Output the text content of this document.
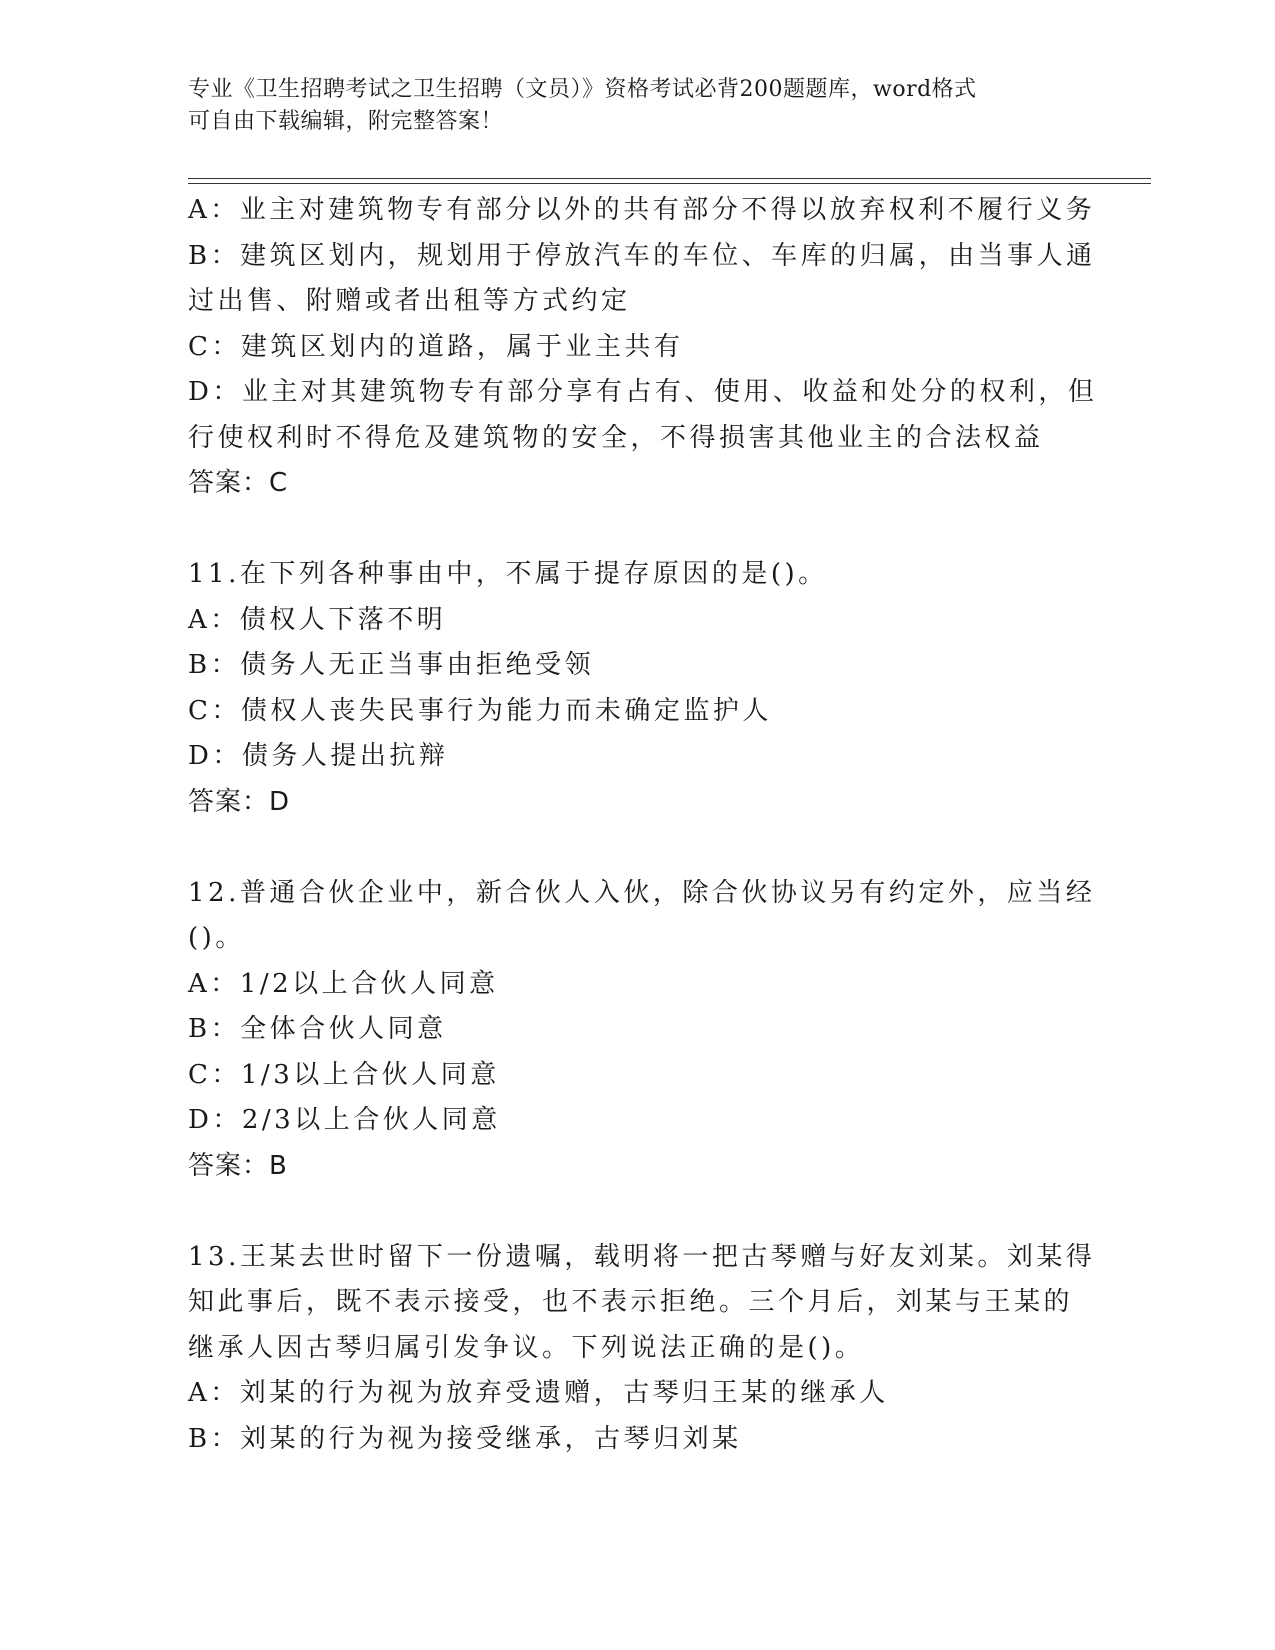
专业《卫生招聘考试之卫生招聘（文员）》资格考试必背200题题库，word格式
可自由下载编辑，附完整答案！
A：业主对建筑物专有部分以外的共有部分不得以放弃权利不履行义务
B：建筑区划内，规划用于停放汽车的车位、车库的归属，由当事人通
过出售、附赠或者出租等方式约定
C：建筑区划内的道路，属于业主共有
D：业主对其建筑物专有部分享有占有、使用、收益和处分的权利，但
行使权利时不得危及建筑物的安全，不得损害其他业主的合法权益
答案：C
11.在下列各种事由中，不属于提存原因的是()。
A：债权人下落不明
B：债务人无正当事由拒绝受领
C：债权人丧失民事行为能力而未确定监护人
D：债务人提出抗辩
答案：D
12.普通合伙企业中，新合伙人入伙，除合伙协议另有约定外，应当经
()。
A：1/2以上合伙人同意
B：全体合伙人同意
C：1/3以上合伙人同意
D：2/3以上合伙人同意
答案：B
13.王某去世时留下一份遗嘱，载明将一把古琴赠与好友刘某。刘某得
知此事后，既不表示接受，也不表示拒绝。三个月后，刘某与王某的
继承人因古琴归属引发争议。下列说法正确的是()。
A：刘某的行为视为放弃受遗赠，古琴归王某的继承人
B：刘某的行为视为接受继承，古琴归刘某
